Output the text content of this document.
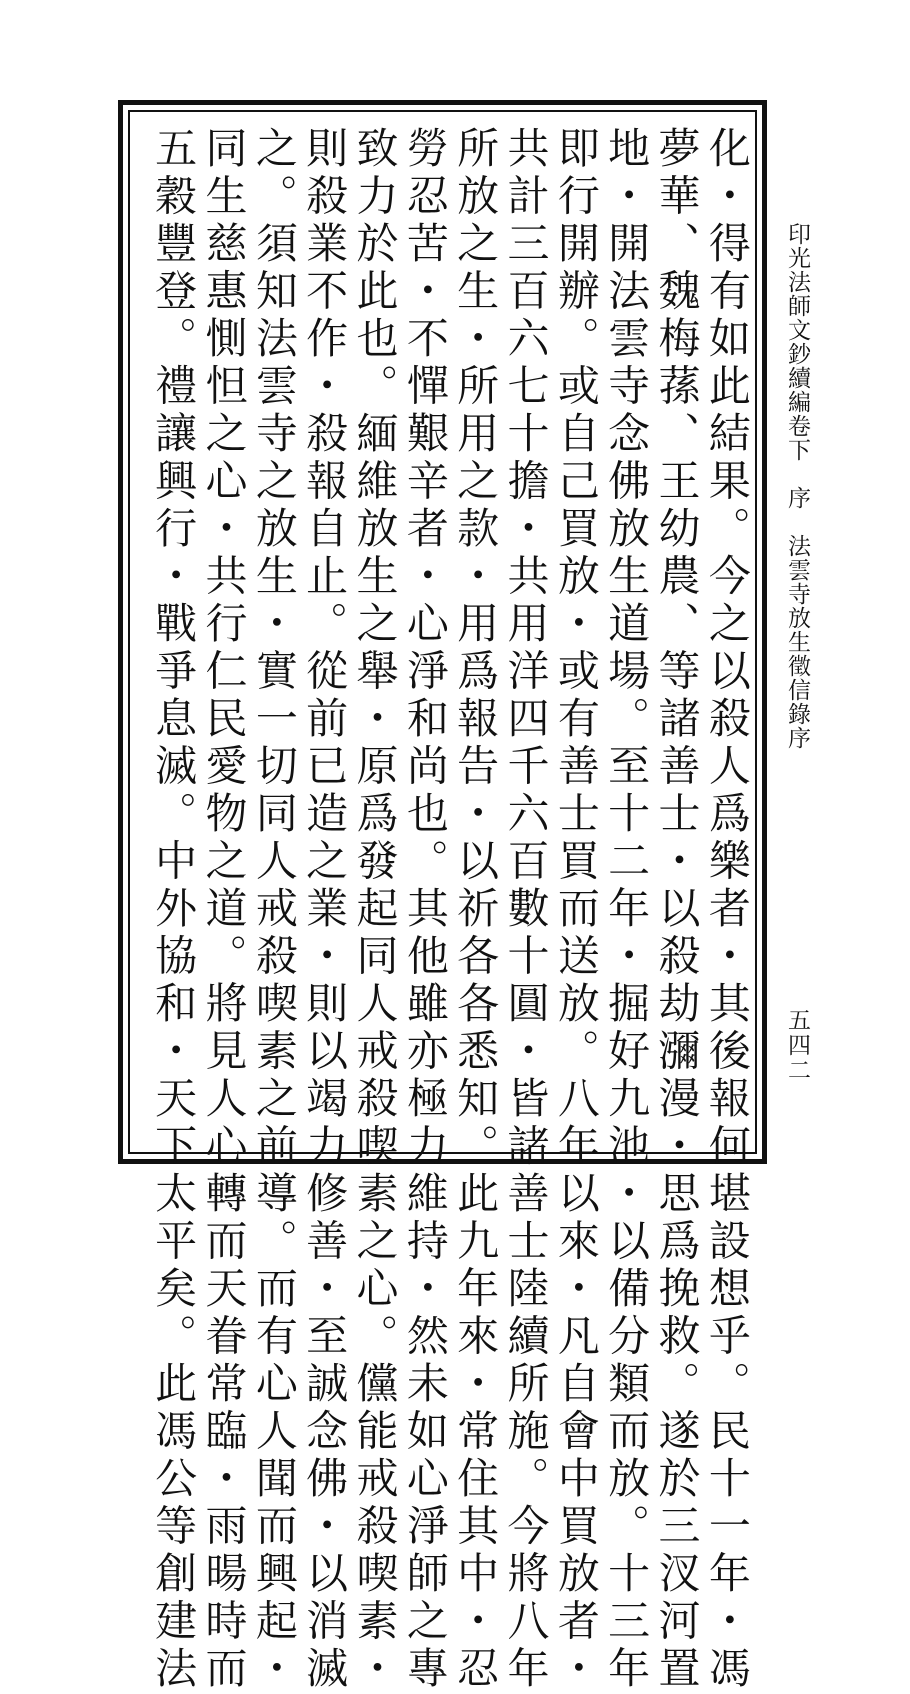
印光法師文鈔續編卷下　序　法雲寺放生徵信錄序
五四二
化・得有如此結果。今之以殺人爲樂者・其後報何堪設想乎。民十一年・馮
夢華、魏梅蓀、王幼農、等諸善士・以殺劫瀰漫・思爲挽救。遂於三汊河置
地・開法雲寺念佛放生道場。至十二年・掘好九池・以備分類而放。十三年
即行開辦。或自己買放・或有善士買而送放。八年以來・凡自會中買放者・
共計三百六七十擔・共用洋四千六百數十圓・皆諸善士陸續所施。今將八年
所放之生・所用之款・用爲報告・以祈各各悉知。此九年來・常住其中・忍
勞忍苦・不憚艱辛者・心淨和尚也。其他雖亦極力維持・然未如心淨師之專
致力於此也。緬維放生之舉・原爲發起同人戒殺喫素之心。儻能戒殺喫素・
則殺業不作・殺報自止。從前已造之業・則以竭力修善・至誠念佛・以消滅
之。須知法雲寺之放生・實一切同人戒殺喫素之前導。而有心人聞而興起・
同生慈惠惻怛之心・共行仁民愛物之道。將見人心轉而天眷常臨・雨暘時而
五穀豐登。禮讓興行・戰爭息滅。中外協和・天下太平矣。此馮公等創建法
